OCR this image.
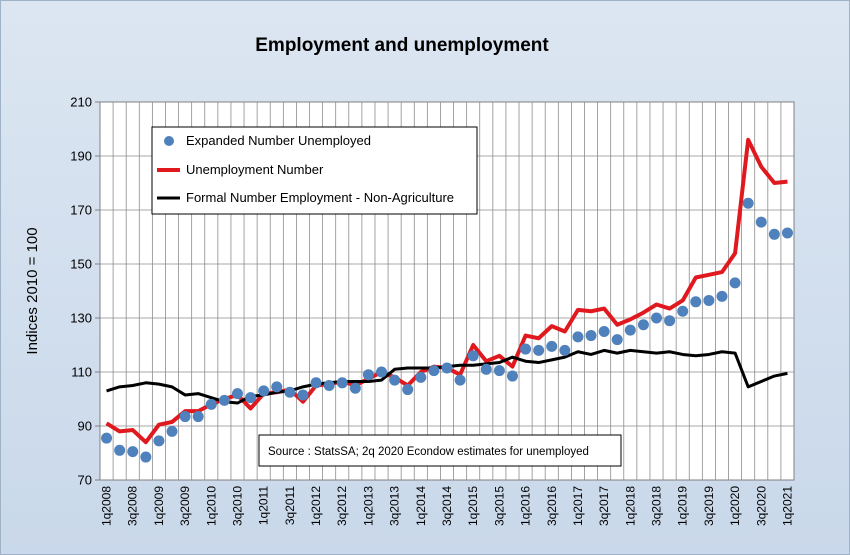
Employment and unemployment
70
90
110
130
150
170
190
210
1q2008 3q2008 1q2009 3q2009 1q2010 3q2010 1q2011 3q2011 1q2012 3q2012 1q2013 3q2013 1q2014 3q2014 1q2015 3q2015 1q2016 3q2016 1q2017 3q2017 1q2018 3q2018 1q2019 3q2019 1q2020 3q2020 1q2021
Indices 2010 = 100
Expanded Number Unemployed
Unemployment Number
Formal Number Employment - Non-Agriculture
Source : StatsSA; 2q 2020 Econdow estimates for unemployed
